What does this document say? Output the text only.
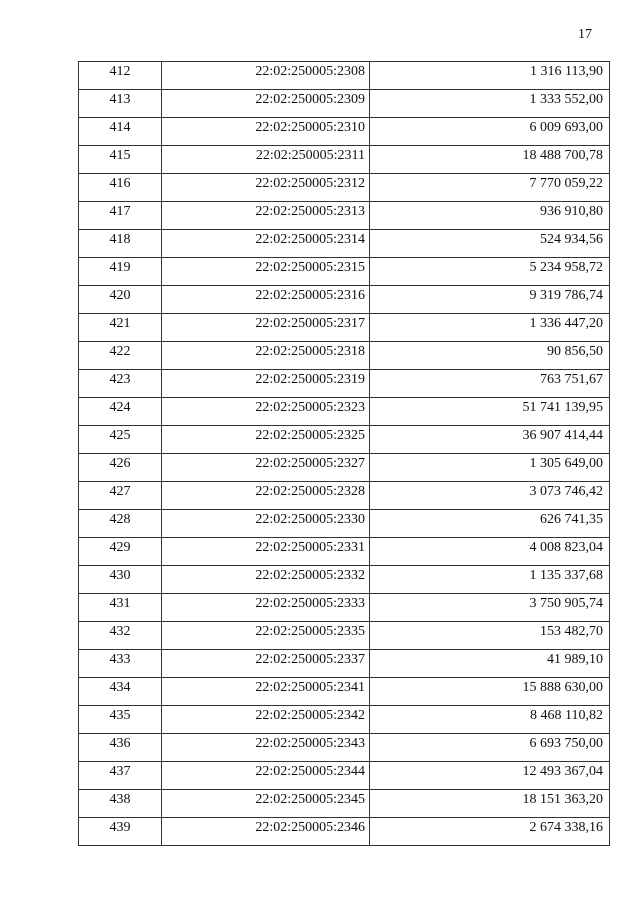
17
412	22:02:250005:2308	1 316 113,90
413	22:02:250005:2309	1 333 552,00
414	22:02:250005:2310	6 009 693,00
415	22:02:250005:2311	18 488 700,78
416	22:02:250005:2312	7 770 059,22
417	22:02:250005:2313	936 910,80
418	22:02:250005:2314	524 934,56
419	22:02:250005:2315	5 234 958,72
420	22:02:250005:2316	9 319 786,74
421	22:02:250005:2317	1 336 447,20
422	22:02:250005:2318	90 856,50
423	22:02:250005:2319	763 751,67
424	22:02:250005:2323	51 741 139,95
425	22:02:250005:2325	36 907 414,44
426	22:02:250005:2327	1 305 649,00
427	22:02:250005:2328	3 073 746,42
428	22:02:250005:2330	626 741,35
429	22:02:250005:2331	4 008 823,04
430	22:02:250005:2332	1 135 337,68
431	22:02:250005:2333	3 750 905,74
432	22:02:250005:2335	153 482,70
433	22:02:250005:2337	41 989,10
434	22:02:250005:2341	15 888 630,00
435	22:02:250005:2342	8 468 110,82
436	22:02:250005:2343	6 693 750,00
437	22:02:250005:2344	12 493 367,04
438	22:02:250005:2345	18 151 363,20
439	22:02:250005:2346	2 674 338,16
